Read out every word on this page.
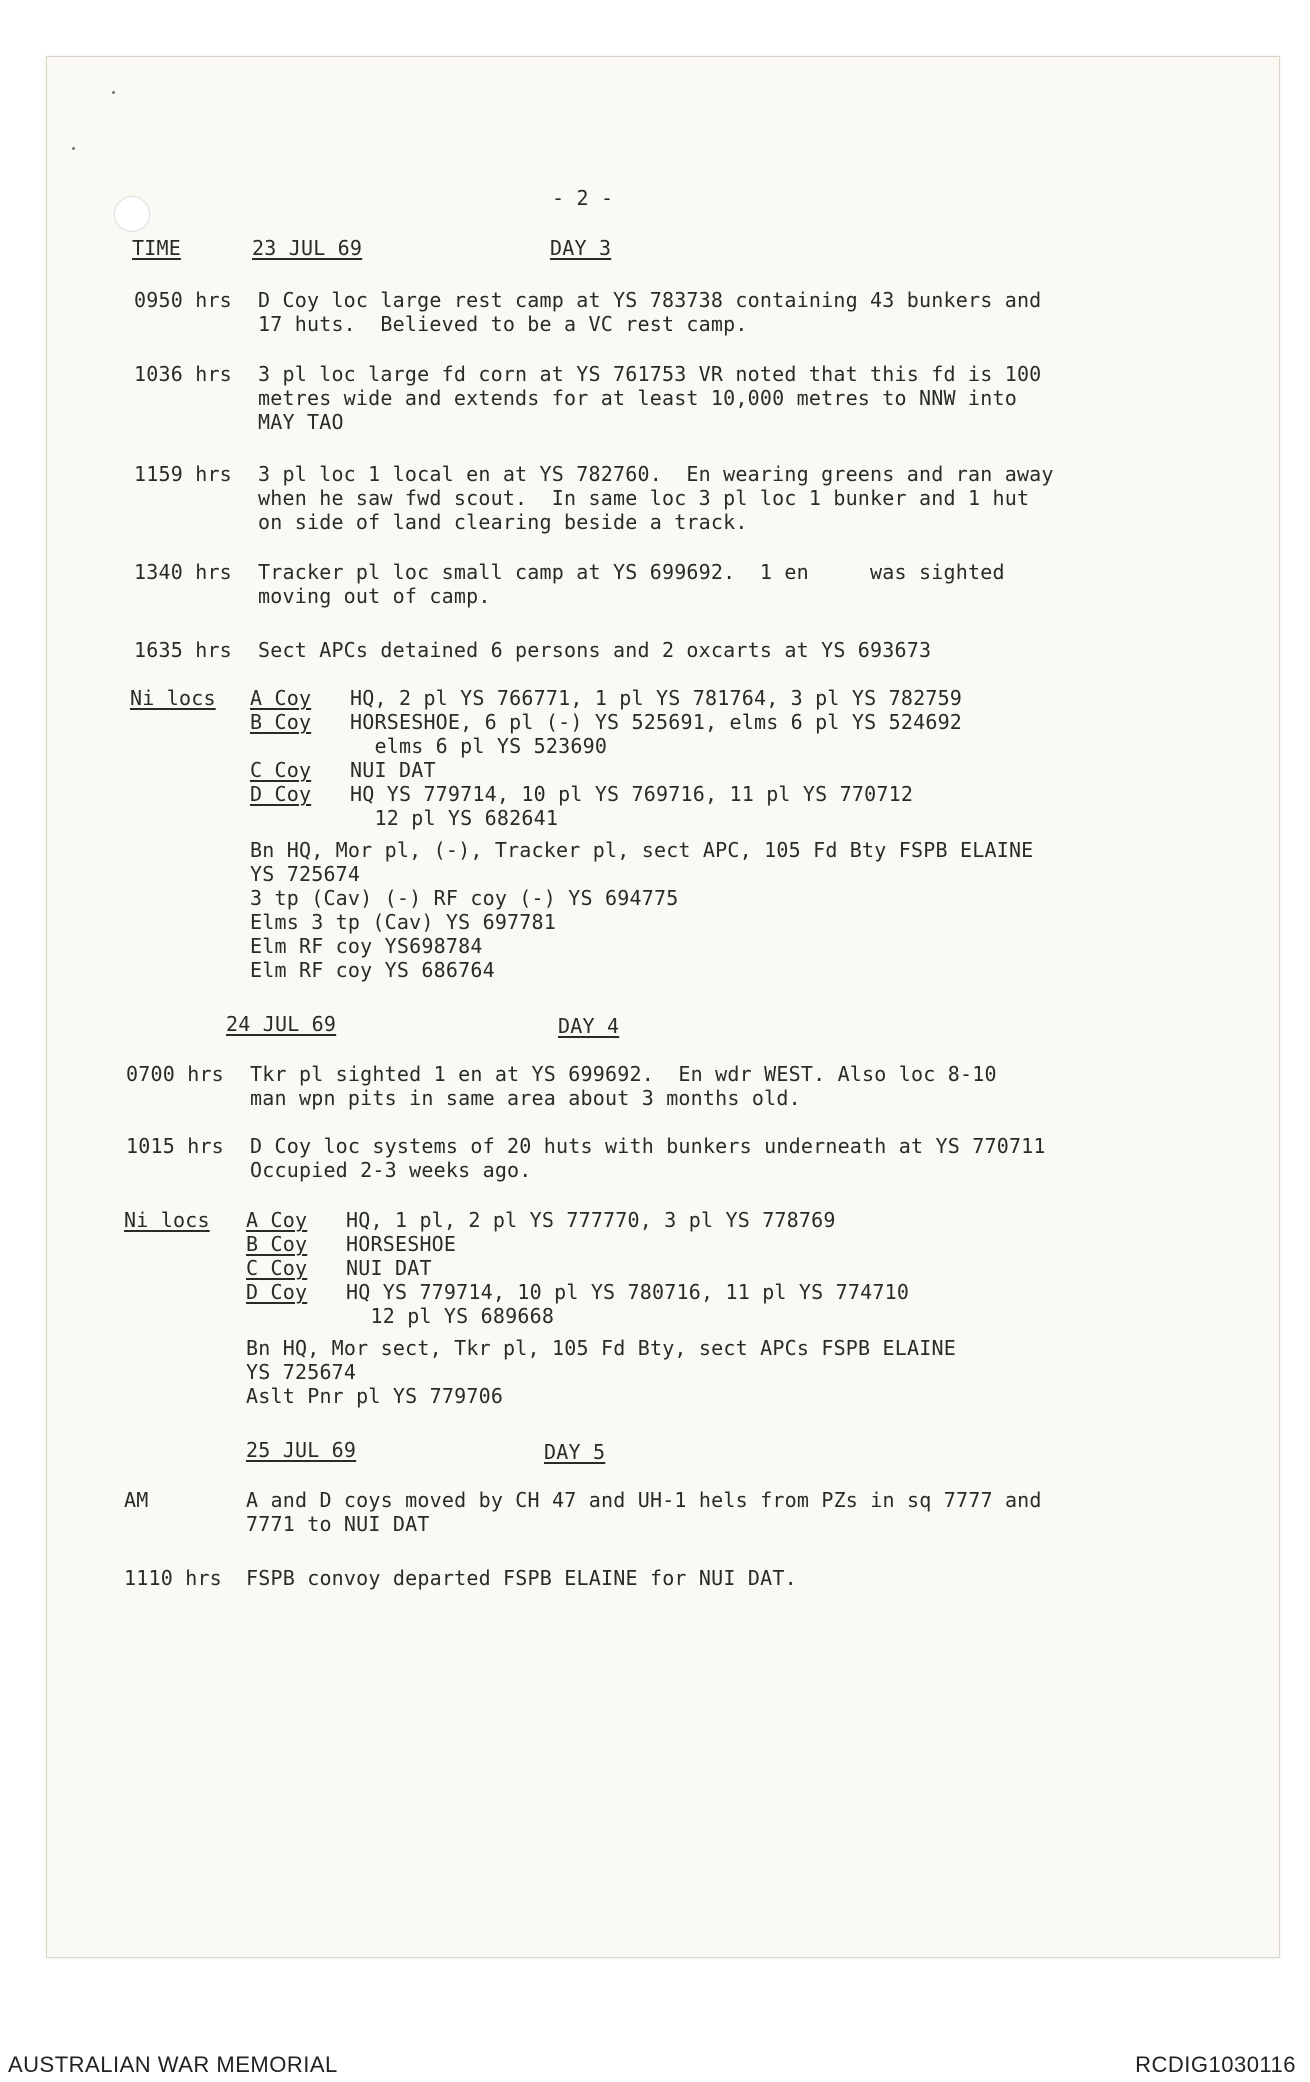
- 2 -
TIME	23 JUL 69	DAY 3
0950 hrs D Coy loc large rest camp at YS 783738 containing 43 bunkers and
17 huts.  Believed to be a VC rest camp.
1036 hrs 3 pl loc large fd corn at YS 761753 VR noted that this fd is 100
metres wide and extends for at least 10,000 metres to NNW into
MAY TAO
1159 hrs 3 pl loc 1 local en at YS 782760.  En wearing greens and ran away
when he saw fwd scout.  In same loc 3 pl loc 1 bunker and 1 hut
on side of land clearing beside a track.
1340 hrs Tracker pl loc small camp at YS 699692.  1 en     was sighted
moving out of camp.
1635 hrs Sect APCs detained 6 persons and 2 oxcarts at YS 693673
Ni locs A Coy HQ, 2 pl YS 766771, 1 pl YS 781764, 3 pl YS 782759
B Coy HORSESHOE, 6 pl (-) YS 525691, elms 6 pl YS 524692
elms 6 pl YS 523690
C Coy NUI DAT
D Coy HQ YS 779714, 10 pl YS 769716, 11 pl YS 770712
12 pl YS 682641
Bn HQ, Mor pl, (-), Tracker pl, sect APC, 105 Fd Bty FSPB ELAINE
YS 725674
3 tp (Cav) (-) RF coy (-) YS 694775
Elms 3 tp (Cav) YS 697781
Elm RF coy YS698784
Elm RF coy YS 686764
24 JUL 69	DAY 4
0700 hrs Tkr pl sighted 1 en at YS 699692.  En wdr WEST. Also loc 8-10
man wpn pits in same area about 3 months old.
1015 hrs D Coy loc systems of 20 huts with bunkers underneath at YS 770711
Occupied 2-3 weeks ago.
Ni locs A Coy HQ, 1 pl, 2 pl YS 777770, 3 pl YS 778769
B Coy HORSESHOE
C Coy NUI DAT
D Coy HQ YS 779714, 10 pl YS 780716, 11 pl YS 774710
12 pl YS 689668
Bn HQ, Mor sect, Tkr pl, 105 Fd Bty, sect APCs FSPB ELAINE
YS 725674
Aslt Pnr pl YS 779706
25 JUL 69	DAY 5
AM	A and D coys moved by CH 47 and UH-1 hels from PZs in sq 7777 and
7771 to NUI DAT
1110 hrs FSPB convoy departed FSPB ELAINE for NUI DAT.
AUSTRALIAN WAR MEMORIAL	RCDIG1030116
